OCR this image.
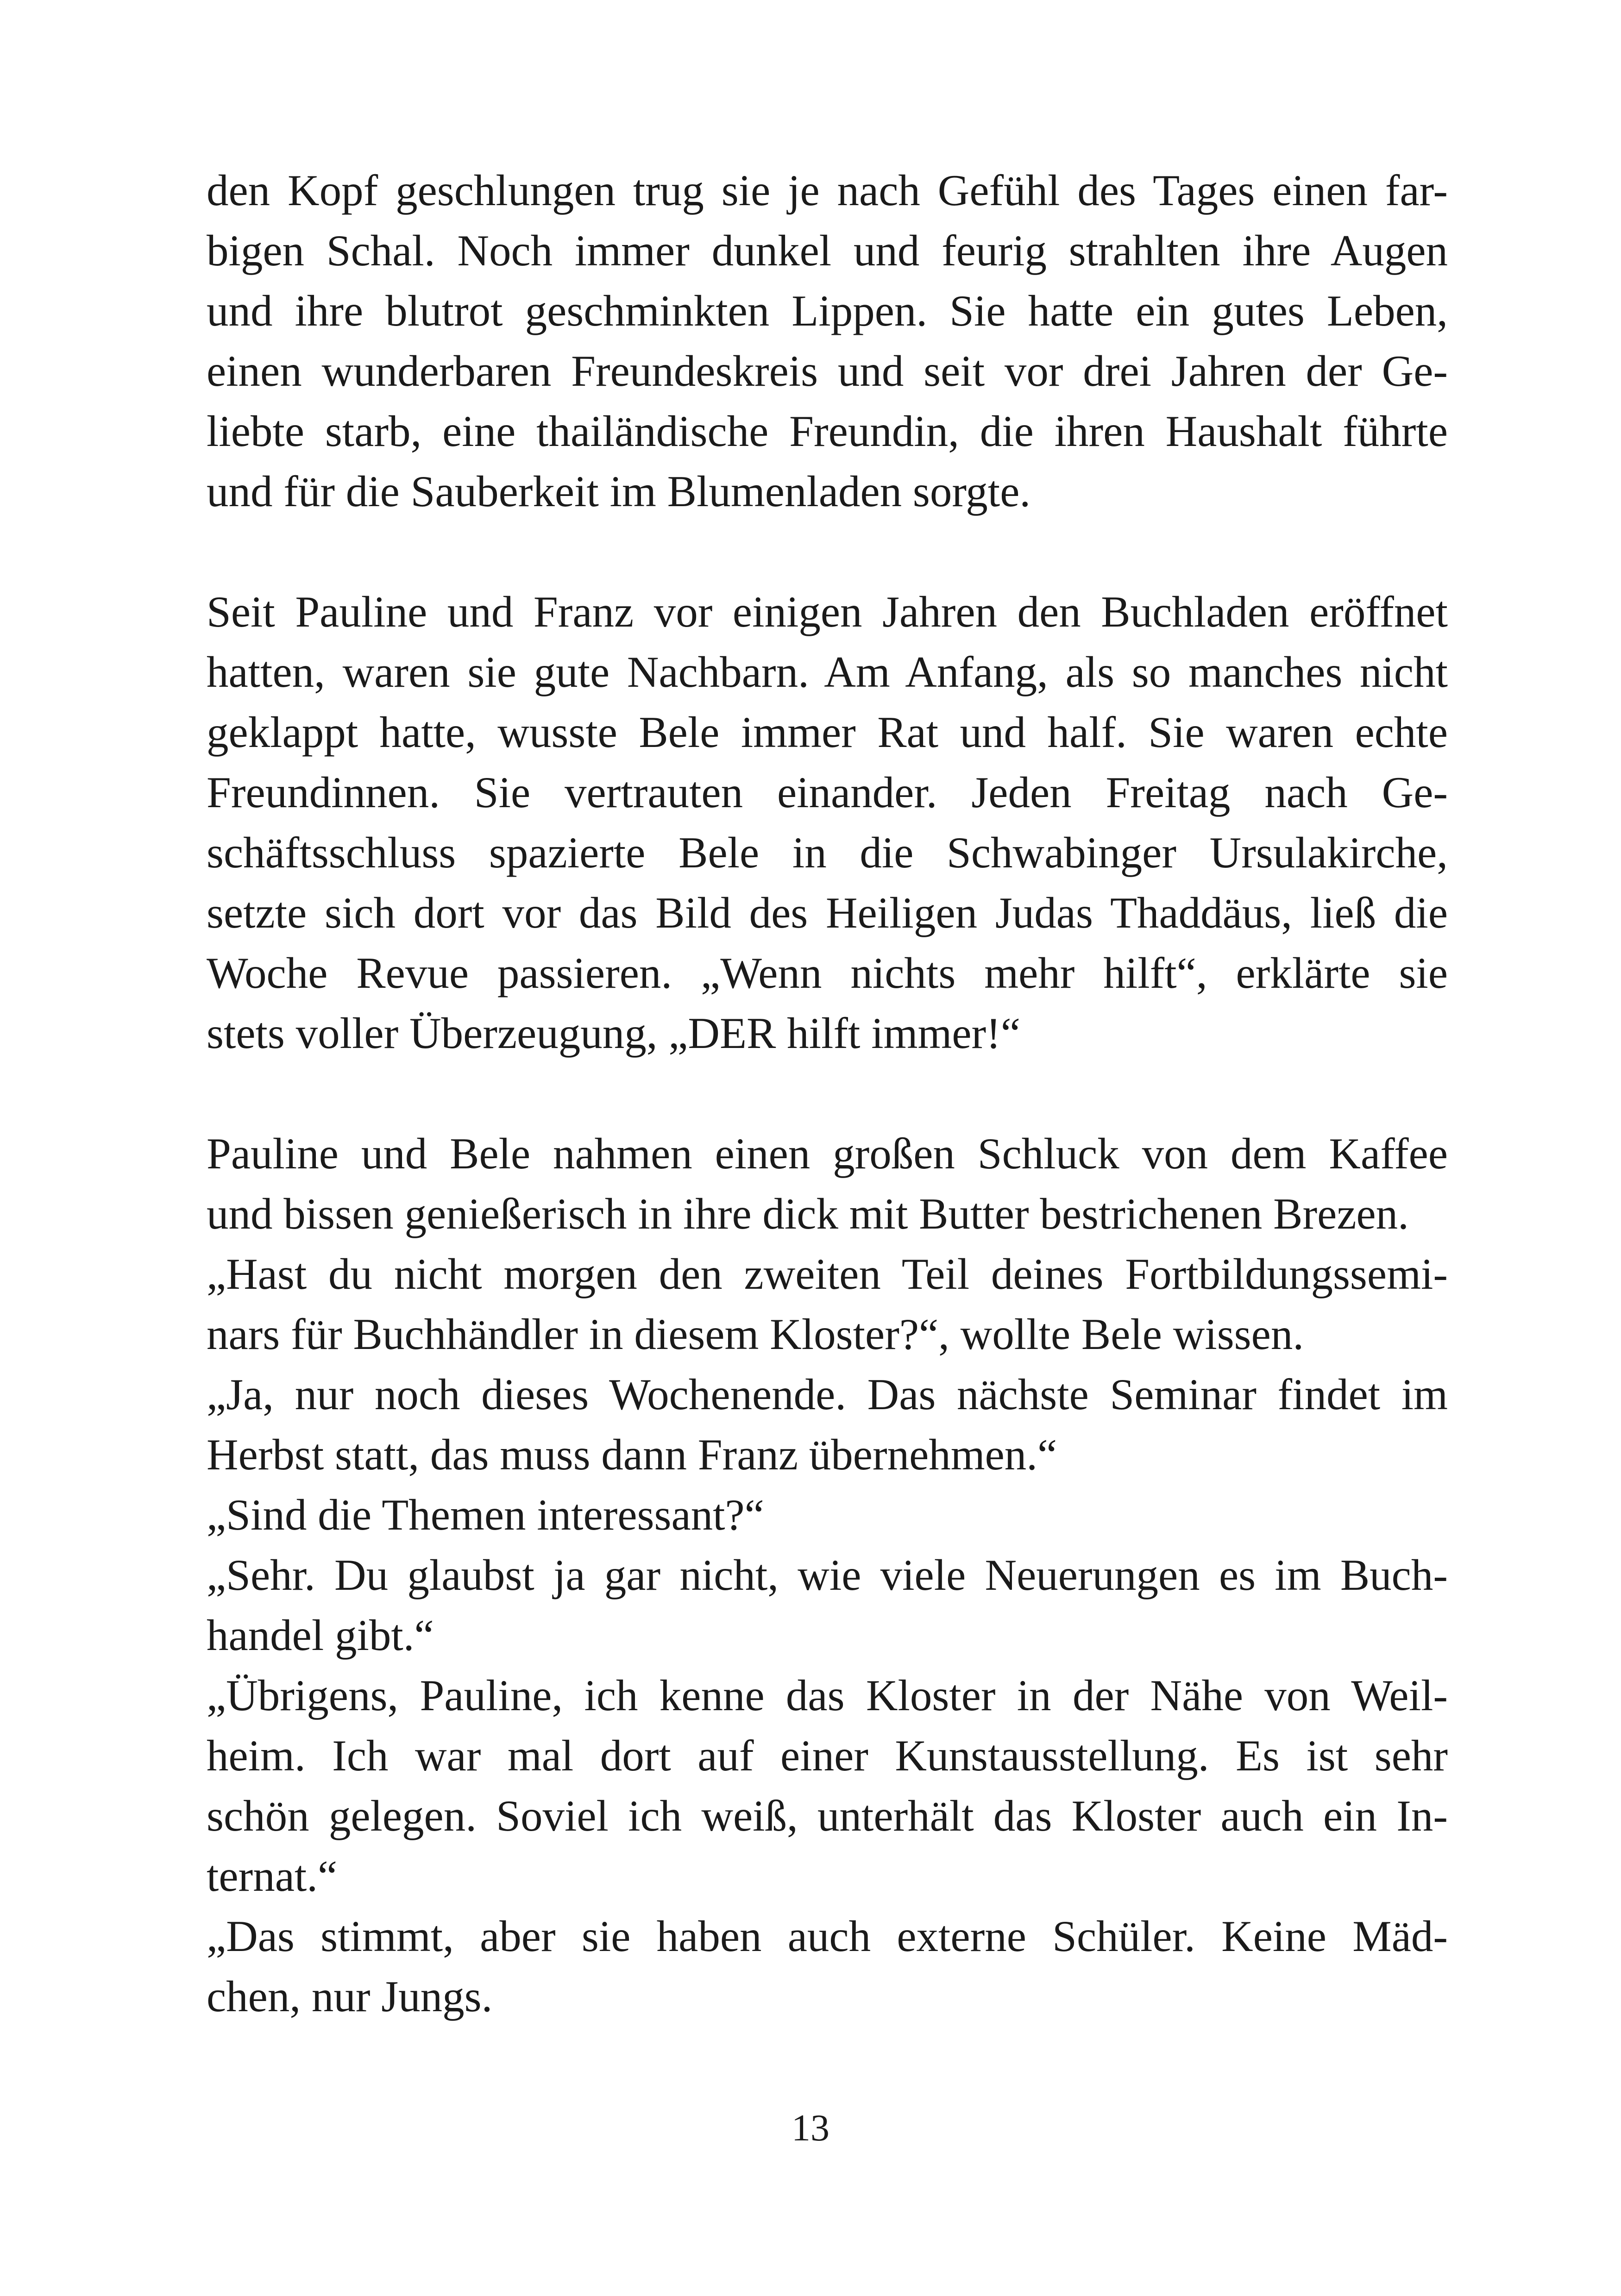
den Kopf geschlungen trug sie je nach Gefühl des Tages einen far-
bigen Schal. Noch immer dunkel und feurig strahlten ihre Augen
und ihre blutrot geschminkten Lippen. Sie hatte ein gutes Leben,
einen wunderbaren Freundeskreis und seit vor drei Jahren der Ge-
liebte starb, eine thailändische Freundin, die ihren Haushalt führte
und für die Sauberkeit im Blumenladen sorgte.
Seit Pauline und Franz vor einigen Jahren den Buchladen eröffnet
hatten, waren sie gute Nachbarn. Am Anfang, als so manches nicht
geklappt hatte, wusste Bele immer Rat und half. Sie waren echte
Freundinnen. Sie vertrauten einander. Jeden Freitag nach Ge-
schäftsschluss spazierte Bele in die Schwabinger Ursulakirche,
setzte sich dort vor das Bild des Heiligen Judas Thaddäus, ließ die
Woche Revue passieren. „Wenn nichts mehr hilft“, erklärte sie
stets voller Überzeugung, „DER hilft immer!“
Pauline und Bele nahmen einen großen Schluck von dem Kaffee
und bissen genießerisch in ihre dick mit Butter bestrichenen Brezen.
„Hast du nicht morgen den zweiten Teil deines Fortbildungssemi-
nars für Buchhändler in diesem Kloster?“, wollte Bele wissen.
„Ja, nur noch dieses Wochenende. Das nächste Seminar findet im
Herbst statt, das muss dann Franz übernehmen.“
„Sind die Themen interessant?“
„Sehr. Du glaubst ja gar nicht, wie viele Neuerungen es im Buch-
handel gibt.“
„Übrigens, Pauline, ich kenne das Kloster in der Nähe von Weil-
heim. Ich war mal dort auf einer Kunstausstellung. Es ist sehr
schön gelegen. Soviel ich weiß, unterhält das Kloster auch ein In-
ternat.“
„Das stimmt, aber sie haben auch externe Schüler. Keine Mäd-
chen, nur Jungs.
13
